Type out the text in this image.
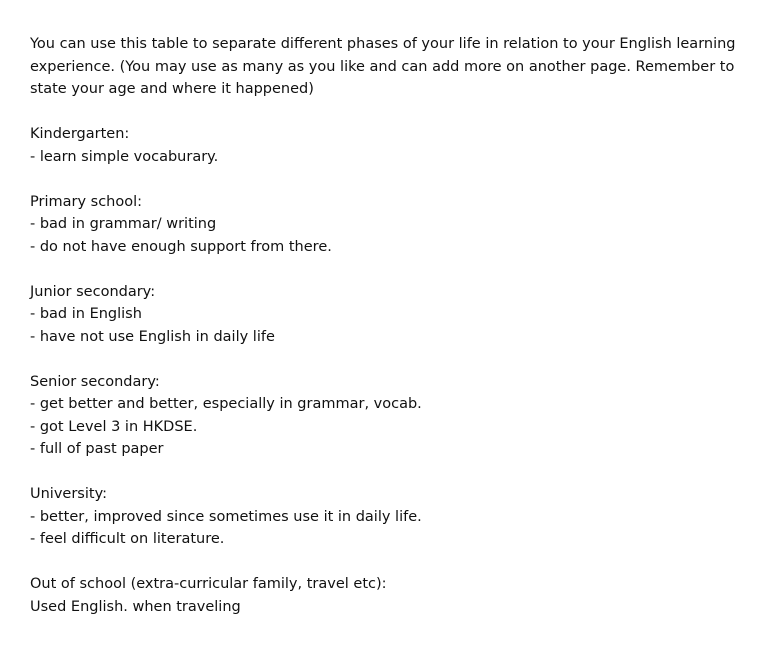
You can use this table to separate different phases of your life in relation to your English learning experience. (You may use as many as you like and can add more on another page. Remember to state your age and where it happened)

Kindergarten:
- learn simple vocaburary.
Primary school:
- bad in grammar/ writing
- do not have enough support from there.
Junior secondary:
- bad in English
- have not use English in daily life
Senior secondary:
- get better and better, especially in grammar, vocab.
- got Level 3 in HKDSE.
- full of past paper
University:
- better, improved since sometimes use it in daily life.
- feel difficult on literature.
Out of school (extra-curricular family, travel etc):
Used English. when traveling
